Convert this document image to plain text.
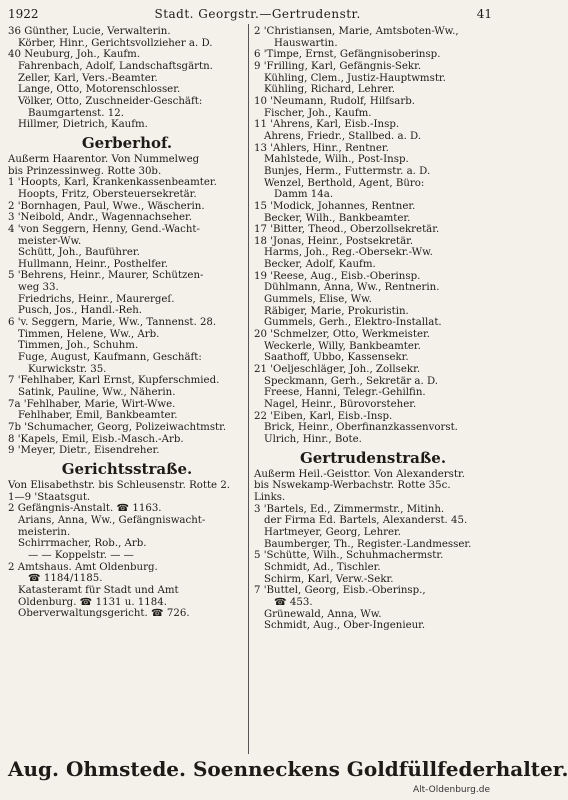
1922	Stadt. Georgstr.—Gertrudenstr.	41
36 Günther, Lucie, Verwalterin.
Körber, Hinr., Gerichtsvollzieher a. D.
40 Neuburg, Joh., Kaufm.
Fahrenbach, Adolf, Landschaftsgärtn.
Zeller, Karl, Vers.-Beamter.
Lange, Otto, Motorenschlosser.
Völker, Otto, Zuschneider-Geschäft:
Baumgartenst. 12.
Hillmer, Dietrich, Kaufm.
Gerberhof.
Außerm Haarentor. Von Nummelweg
bis Prinzessinweg. Rotte 30b.
1 'Hoopts, Karl, Krankenkassenbeamter.
Hoopts, Fritz, Obersteuersekretär.
2 'Bornhagen, Paul, Wwe., Wäscherin.
3 'Neibold, Andr., Wagennachseher.
4 'von Seggern, Henny, Gend.-Wacht-
meister-Ww.
Schütt, Joh., Bauführer.
Hullmann, Heinr., Posthelfer.
5 'Behrens, Heinr., Maurer, Schützen-
weg 33.
Friedrichs, Heinr., Maurergeſ.
Pusch, Jos., Handl.-Reh.
6 'v. Seggern, Marie, Ww., Tannenst. 28.
Timmen, Helene, Ww., Arb.
Timmen, Joh., Schuhm.
Fuge, August, Kaufmann, Geschäft:
Kurwickstr. 35.
7 'Fehlhaber, Karl Ernst, Kupferschmied.
Satink, Pauline, Ww., Näherin.
7a 'Fehlhaber, Marie, Wirt-Wwe.
Fehlhaber, Emil, Bankbeamter.
7b 'Schumacher, Georg, Polizeiwachtmstr.
8 'Kapels, Emil, Eisb.-Masch.-Arb.
9 'Meyer, Dietr., Eisendreher.
Gerichtsstraße.
Von Elisabethstr. bis Schleusenstr. Rotte 2.
1—9 'Staatsgut.
2 Gefängnis-Anstalt. ☎ 1163.
Arians, Anna, Ww., Gefängniswacht-
meisterin.
Schirrmacher, Rob., Arb.
— — Koppelstr. — —
2 Amtshaus. Amt Oldenburg.
☎ 1184/1185.
Katasteramt für Stadt und Amt
Oldenburg. ☎ 1131 u. 1184.
Oberverwaltungsgericht. ☎ 726.
2 'Christiansen, Marie, Amtsboten-Ww.,
Hauswartin.
6 'Timpe, Ernst, Gefängnisoberinsp.
9 'Frilling, Karl, Gefängnis-Sekr.
Kühling, Clem., Justiz-Hauptwmstr.
Kühling, Richard, Lehrer.
10 'Neumann, Rudolf, Hilfsarb.
Fischer, Joh., Kaufm.
11 'Ahrens, Karl, Eisb.-Insp.
Ahrens, Friedr., Stallbed. a. D.
13 'Ahlers, Hinr., Rentner.
Mahlstede, Wilh., Post-Insp.
Bunjes, Herm., Futtermstr. a. D.
Wenzel, Berthold, Agent, Büro:
Damm 14a.
15 'Modick, Johannes, Rentner.
Becker, Wilh., Bankbeamter.
17 'Bitter, Theod., Oberzollsekretär.
18 'Jonas, Heinr., Postsekretär.
Harms, Joh., Reg.-Obersekr.-Ww.
Becker, Adolf, Kaufm.
19 'Reese, Aug., Eisb.-Oberinsp.
Dühlmann, Anna, Ww., Rentnerin.
Gummels, Elise, Ww.
Räbiger, Marie, Prokuristin.
Gummels, Gerh., Elektro-Installat.
20 'Schmelzer, Otto, Werkmeister.
Weckerle, Willy, Bankbeamter.
Saathoff, Ubbo, Kassensekr.
21 'Oeljeschläger, Joh., Zollsekr.
Speckmann, Gerh., Sekretär a. D.
Freese, Hanni, Telegr.-Gehilfin.
Nagel, Heinr., Bürovorsteher.
22 'Eiben, Karl, Eisb.-Insp.
Brick, Heinr., Oberfinanzkassenvorst.
Ulrich, Hinr., Bote.
Gertrudenstraße.
Außerm Heil.-Geisttor. Von Alexanderstr.
bis Nswekamp-Werbachstr. Rotte 35c.
Links.
3 'Bartels, Ed., Zimmermstr., Mitinh.
der Firma Ed. Bartels, Alexanderst. 45.
Hartmeyer, Georg, Lehrer.
Baumberger, Th., Register.-Landmesser.
5 'Schütte, Wilh., Schuhmachermstr.
Schmidt, Ad., Tischler.
Schirm, Karl, Verw.-Sekr.
7 'Buttel, Georg, Eisb.-Oberinsp.,
☎ 453.
Grünewald, Anna, Ww.
Schmidt, Aug., Ober-Ingenieur.
Aug. Ohmstede. Soenneckens Goldfüllfederhalter.
Alt-Oldenburg.de
